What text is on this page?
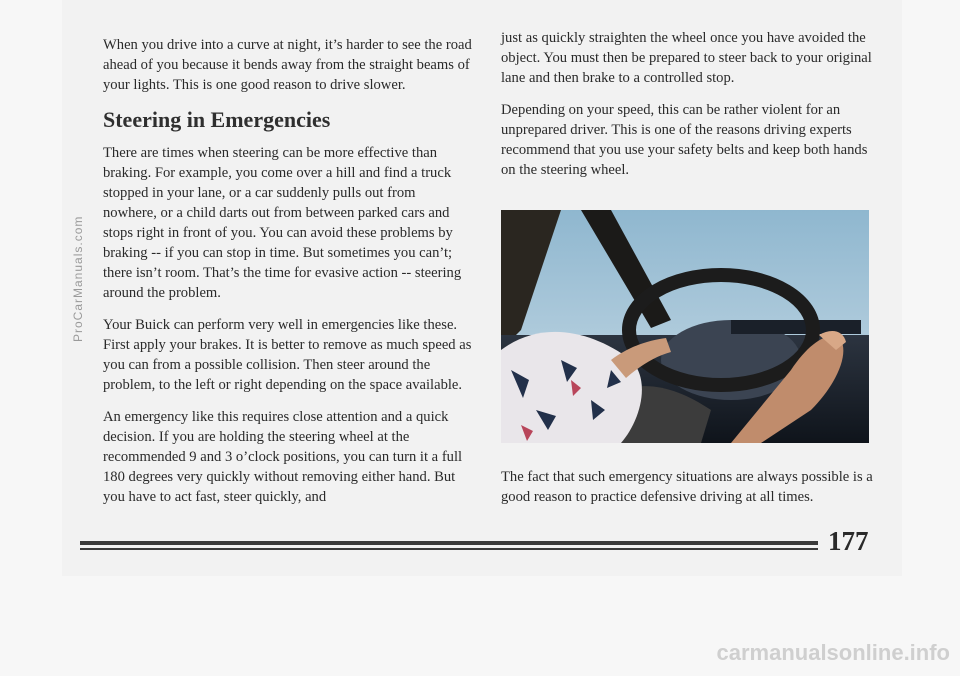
When you drive into a curve at night, it’s harder to see the road ahead of you because it bends away from the straight beams of your lights. This is one good reason to drive slower.

Steering in Emergencies

There are times when steering can be more effective than braking. For example, you come over a hill and find a truck stopped in your lane, or a car suddenly pulls out from nowhere, or a child darts out from between parked cars and stops right in front of you. You can avoid these problems by braking -- if you can stop in time. But sometimes you can’t; there isn’t room. That’s the time for evasive action -- steering around the problem.

Your Buick can perform very well in emergencies like these. First apply your brakes. It is better to remove as much speed as you can from a possible collision. Then steer around the problem, to the left or right depending on the space available.

An emergency like this requires close attention and a quick decision. If you are holding the steering wheel at the recommended 9 and 3 o’clock positions, you can turn it a full 180 degrees very quickly without removing either hand. But you have to act fast, steer quickly, and

just as quickly straighten the wheel once you have avoided the object. You must then be prepared to steer back to your original lane and then brake to a controlled stop.

Depending on your speed, this can be rather violent for an unprepared driver. This is one of the reasons driving experts recommend that you use your safety belts and keep both hands on the steering wheel.

The fact that such emergency situations are always possible is a good reason to practice defensive driving at all times.

177
ProCarManuals.com
carmanualsonline.info
